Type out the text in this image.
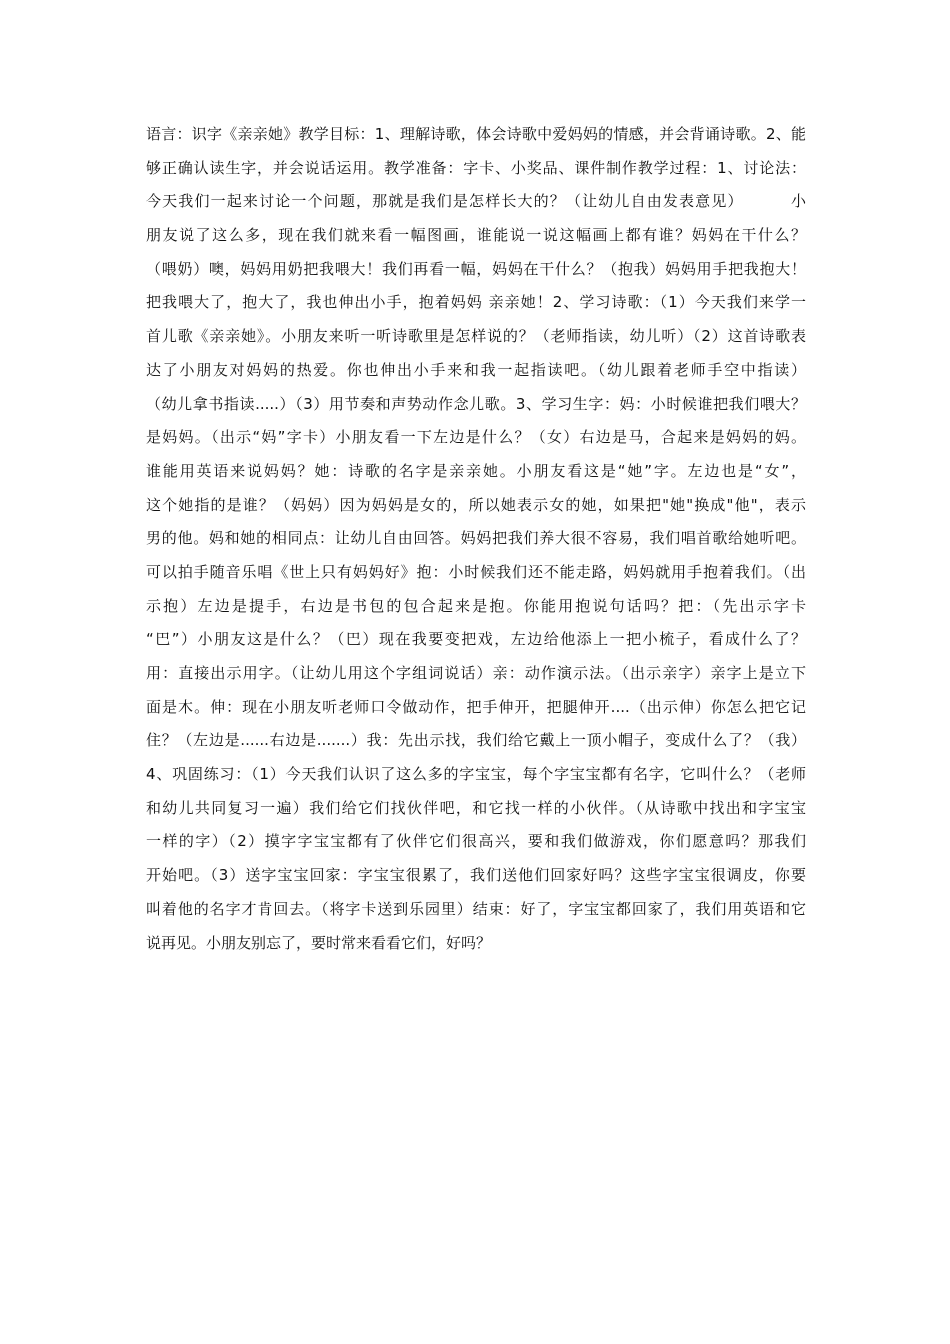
语言：识字《亲亲她》教学目标：1、理解诗歌，体会诗歌中爱妈妈的情感，并会背诵诗歌。2、能
够正确认读生字，并会说话运用。教学准备：字卡、小奖品、课件制作教学过程：1、讨论法：
今天我们一起来讨论一个问题，那就是我们是怎样长大的？（让幼儿自由发表意见）        小
朋友说了这么多，现在我们就来看一幅图画，谁能说一说这幅画上都有谁？妈妈在干什么？
（喂奶）噢，妈妈用奶把我喂大！我们再看一幅，妈妈在干什么？（抱我）妈妈用手把我抱大！
把我喂大了，抱大了，我也伸出小手，抱着妈妈 亲亲她！2、学习诗歌：（1）今天我们来学一
首儿歌《亲亲她》。小朋友来听一听诗歌里是怎样说的？（老师指读，幼儿听）（2）这首诗歌表
达了小朋友对妈妈的热爱。你也伸出小手来和我一起指读吧。（幼儿跟着老师手空中指读）
（幼儿拿书指读.....）（3）用节奏和声势动作念儿歌。3、学习生字：妈：小时候谁把我们喂大？
是妈妈。（出示“妈”字卡）小朋友看一下左边是什么？（女）右边是马，合起来是妈妈的妈。
谁能用英语来说妈妈？她：诗歌的名字是亲亲她。小朋友看这是“她”字。左边也是“女”，
这个她指的是谁？（妈妈）因为妈妈是女的，所以她表示女的她，如果把"她"换成"他"，表示
男的他。妈和她的相同点：让幼儿自由回答。妈妈把我们养大很不容易，我们唱首歌给她听吧。
可以拍手随音乐唱《世上只有妈妈好》抱：小时候我们还不能走路，妈妈就用手抱着我们。（出
示抱）左边是提手，右边是书包的包合起来是抱。你能用抱说句话吗？把：（先出示字卡
“巴”）小朋友这是什么？（巴）现在我要变把戏，左边给他添上一把小梳子，看成什么了？
用：直接出示用字。（让幼儿用这个字组词说话）亲：动作演示法。（出示亲字）亲字上是立下
面是木。伸：现在小朋友听老师口令做动作，把手伸开，把腿伸开....（出示伸）你怎么把它记
住？（左边是......右边是.......）我：先出示找，我们给它戴上一顶小帽子，变成什么了？（我）
4、巩固练习：（1）今天我们认识了这么多的字宝宝，每个字宝宝都有名字，它叫什么？（老师
和幼儿共同复习一遍）我们给它们找伙伴吧，和它找一样的小伙伴。（从诗歌中找出和字宝宝
一样的字）（2）摸字字宝宝都有了伙伴它们很高兴，要和我们做游戏，你们愿意吗？那我们
开始吧。（3）送字宝宝回家：字宝宝很累了，我们送他们回家好吗？这些字宝宝很调皮，你要
叫着他的名字才肯回去。（将字卡送到乐园里）结束：好了，字宝宝都回家了，我们用英语和它
说再见。小朋友别忘了，要时常来看看它们，好吗？
